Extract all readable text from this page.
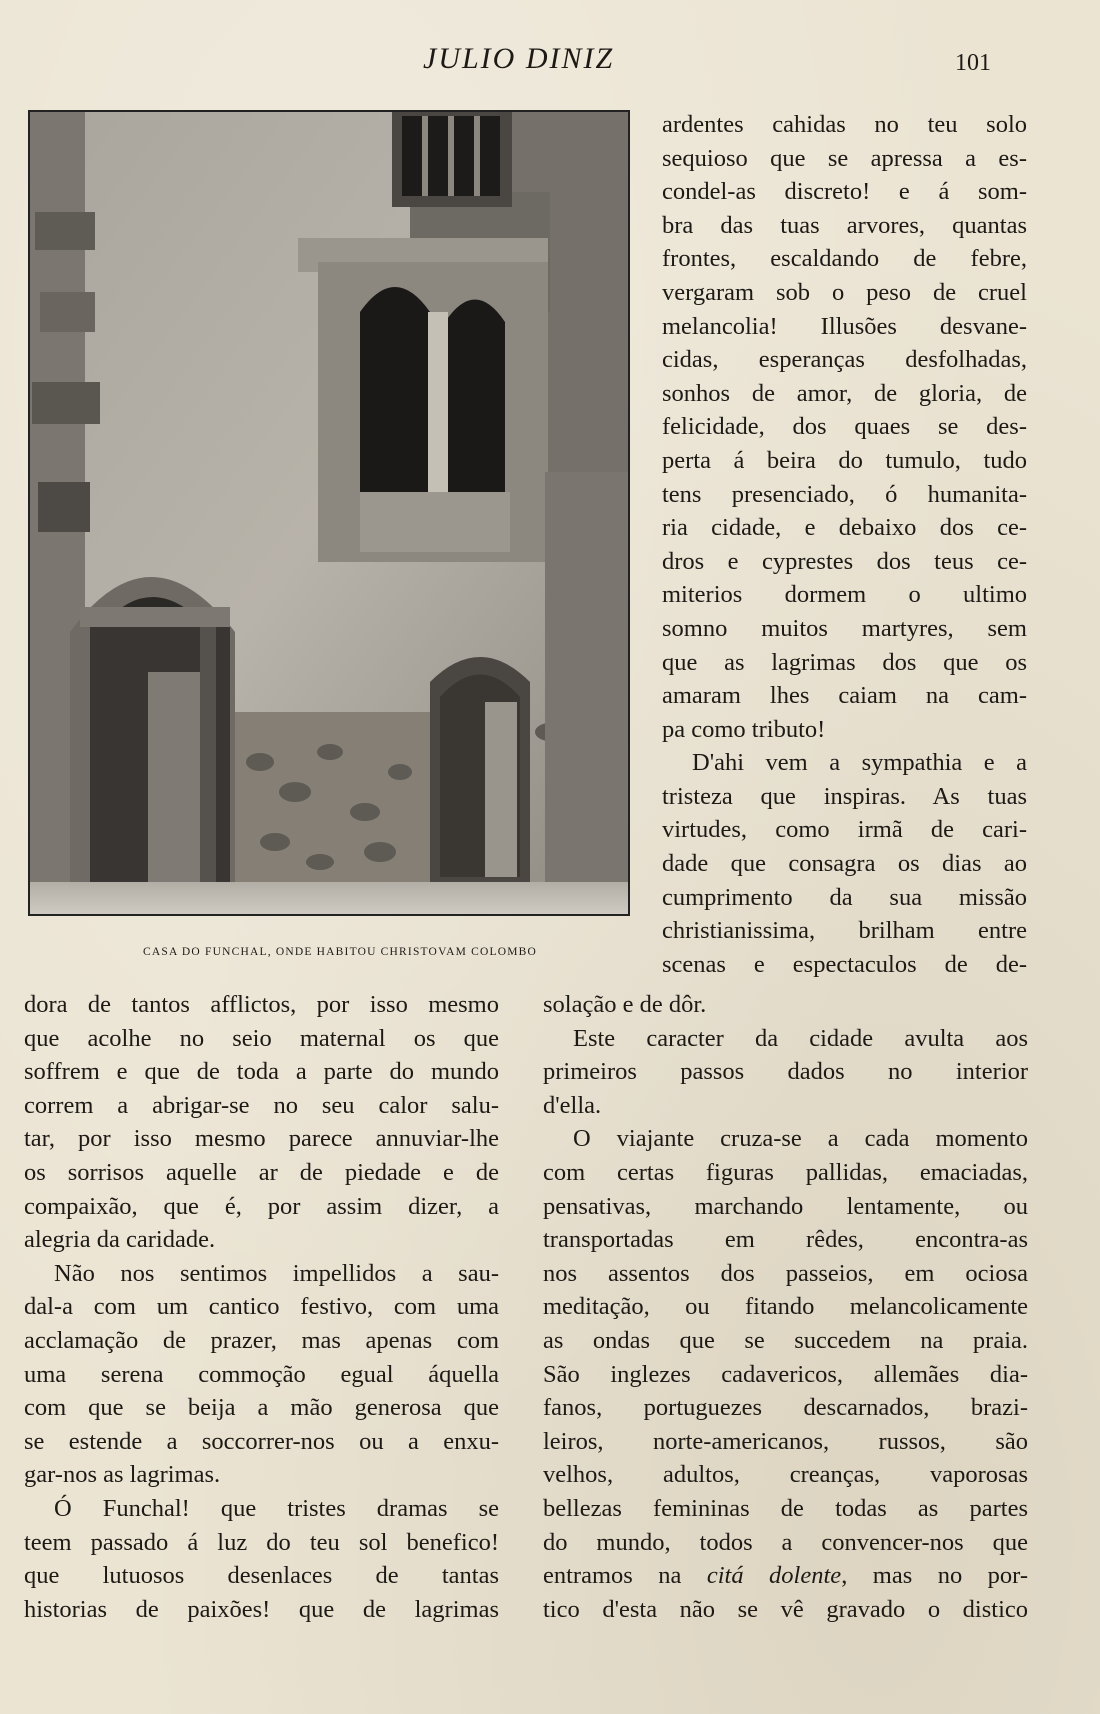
JULIO DINIZ	101
CASA DO FUNCHAL, ONDE HABITOU CHRISTOVAM COLOMBO
ardentes cahidas no teu solo
sequioso que se apressa a es-
condel-as discreto! e á som-
bra das tuas arvores, quantas
frontes, escaldando de febre,
vergaram sob o peso de cruel
melancolia! Illusões desvane-
cidas, esperanças desfolhadas,
sonhos de amor, de gloria, de
felicidade, dos quaes se des-
perta á beira do tumulo, tudo
tens presenciado, ó humanita-
ria cidade, e debaixo dos ce-
dros e cyprestes dos teus ce-
miterios dormem o ultimo
somno muitos martyres, sem
que as lagrimas dos que os
amaram lhes caiam na cam-
pa como tributo!
D'ahi vem a sympathia e a
tristeza que inspiras. As tuas
virtudes, como irmã de cari-
dade que consagra os dias ao
cumprimento da sua missão
christianissima, brilham entre
scenas e espectaculos de de-
dora de tantos afflictos, por isso mesmo
que acolhe no seio maternal os que
soffrem e que de toda a parte do mundo
correm a abrigar-se no seu calor salu-
tar, por isso mesmo parece annuviar-lhe
os sorrisos aquelle ar de piedade e de
compaixão, que é, por assim dizer, a
alegria da caridade.
Não nos sentimos impellidos a sau-
dal-a com um cantico festivo, com uma
acclamação de prazer, mas apenas com
uma serena commoção egual áquella
com que se beija a mão generosa que
se estende a soccorrer-nos ou a enxu-
gar-nos as lagrimas.
Ó Funchal! que tristes dramas se
teem passado á luz do teu sol benefico!
que lutuosos desenlaces de tantas
historias de paixões! que de lagrimas
solação e de dôr.
Este caracter da cidade avulta aos
primeiros passos dados no interior
d'ella.
O viajante cruza-se a cada momento
com certas figuras pallidas, emaciadas,
pensativas, marchando lentamente, ou
transportadas em rêdes, encontra-as
nos assentos dos passeios, em ociosa
meditação, ou fitando melancolicamente
as ondas que se succedem na praia.
São inglezes cadavericos, allemães dia-
fanos, portuguezes descarnados, brazi-
leiros, norte-americanos, russos, são
velhos, adultos, creanças, vaporosas
bellezas femininas de todas as partes
do mundo, todos a convencer-nos que
entramos na citá dolente, mas no por-
tico d'esta não se vê gravado o distico
